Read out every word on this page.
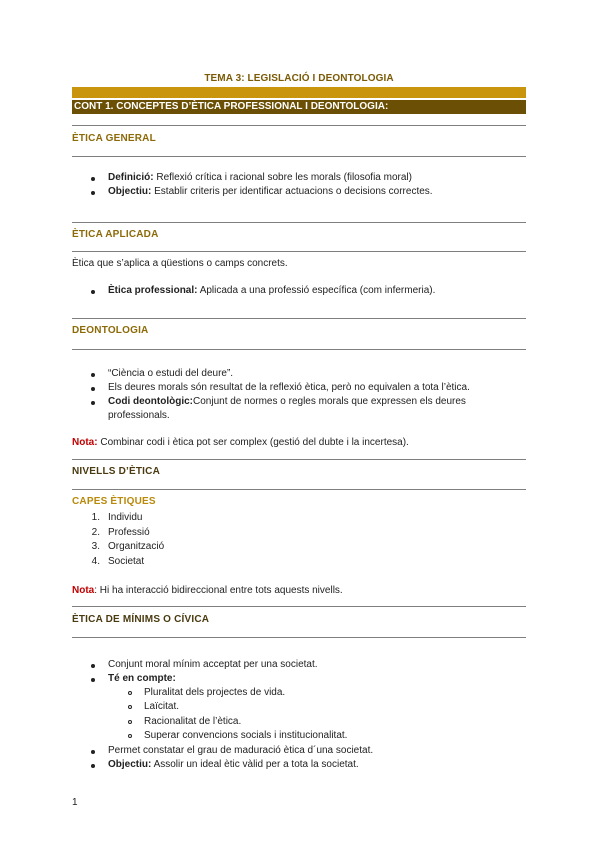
TEMA 3: LEGISLACIÓ I DEONTOLOGIA
CONT 1. CONCEPTES D’ÈTICA PROFESSIONAL I DEONTOLOGIA:
ÈTICA GENERAL
Definició: Reflexió crítica i racional sobre les morals (filosofia moral)
Objectiu: Establir criteris per identificar actuacions o decisions correctes.
ÈTICA APLICADA
Ètica que s’aplica a qüestions o camps concrets.
Ètica professional: Aplicada a una professió específica (com infermeria).
DEONTOLOGIA
“Ciència o estudi del deure”.
Els deures morals són resultat de la reflexió ètica, però no equivalen a tota l’ètica.
Codi deontològic:Conjunt de normes o regles morals que expressen els deures
professionals.
Nota: Combinar codi i ètica pot ser complex (gestió del dubte i la incertesa).
NIVELLS D’ÈTICA
CAPES ÈTIQUES
1. Individu
2. Professió
3. Organització
4. Societat
Nota: Hi ha interacció bidireccional entre tots aquests nivells.
ÈTICA DE MÍNIMS O CÍVICA
Conjunt moral mínim acceptat per una societat.
Té en compte:
Pluralitat dels projectes de vida.
Laïcitat.
Racionalitat de l’ètica.
Superar convencions socials i institucionalitat.
Permet constatar el grau de maduració ètica d´una societat.
Objectiu: Assolir un ideal ètic vàlid per a tota la societat.
1
